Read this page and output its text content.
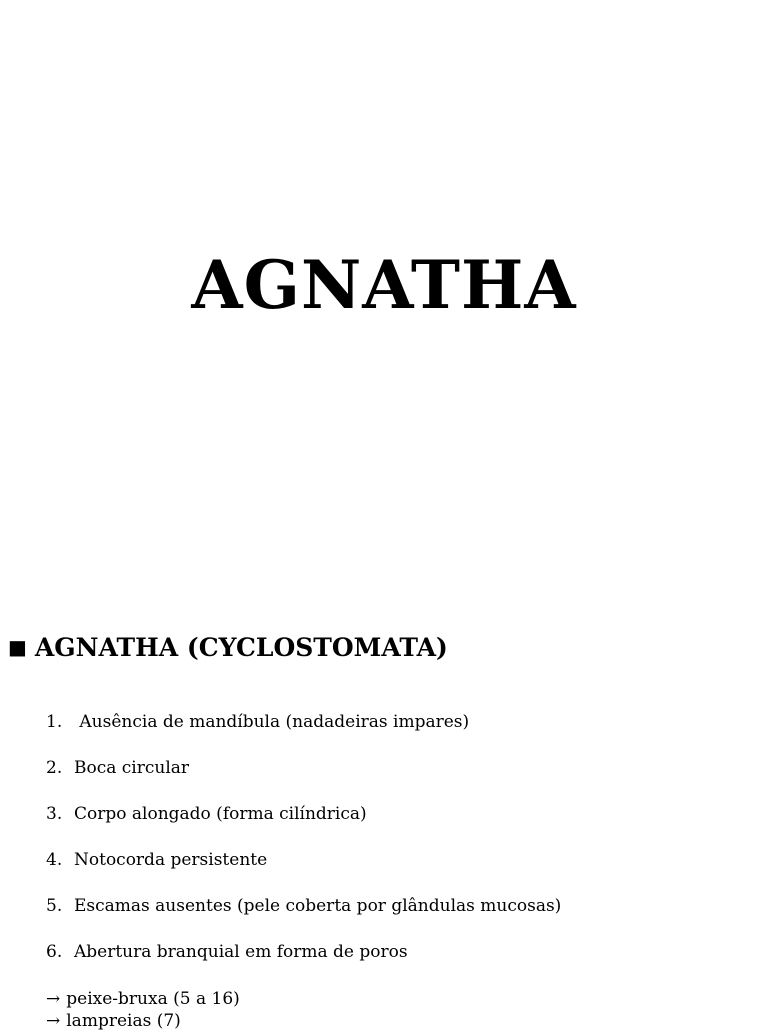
AGNATHA
■ AGNATHA (CYCLOSTOMATA)
1. Ausência de mandíbula (nadadeiras impares)
2. Boca circular
3. Corpo alongado (forma cilíndrica)
4. Notocorda persistente
5. Escamas ausentes (pele coberta por glândulas mucosas)
6. Abertura branquial em forma de poros
→ peixe-bruxa (5 a 16)
→ lampreias (7)
